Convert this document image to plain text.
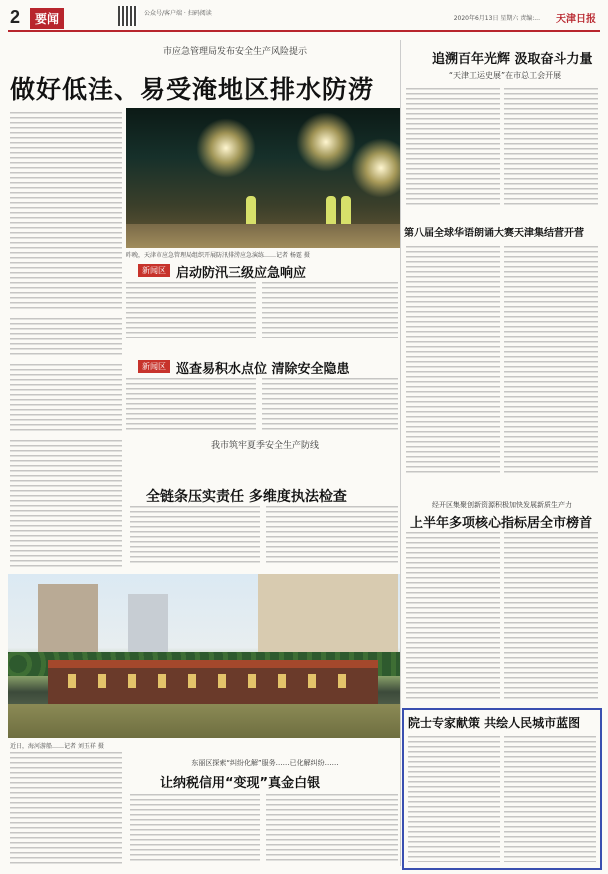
2	要闻	公众号/客户端 · 扫码阅读
2020年6月13日 星期六 责编:... 天津日报
市应急管理局发布安全生产风险提示
做好低洼、易受淹地区排水防涝
昨晚，天津市应急管理局组织开展防汛排涝应急演练……记者 杨霆 摄
新闻区 启动防汛三级应急响应
新闻区 巡查易积水点位 清除安全隐患
我市筑牢夏季安全生产防线
全链条压实责任 多维度执法检查
近日，海河游船……记者 刘玉祥 摄
东丽区探索“纠纷化解”服务……已化解纠纷……
让纳税信用“变现”真金白银
追溯百年光辉 汲取奋斗力量
“天津工运史展”在市总工会开展
第八届全球华语朗诵大赛天津集结营开营
经开区集聚创新资源积极加快发展新质生产力
上半年多项核心指标居全市榜首
院士专家献策 共绘人民城市蓝图
